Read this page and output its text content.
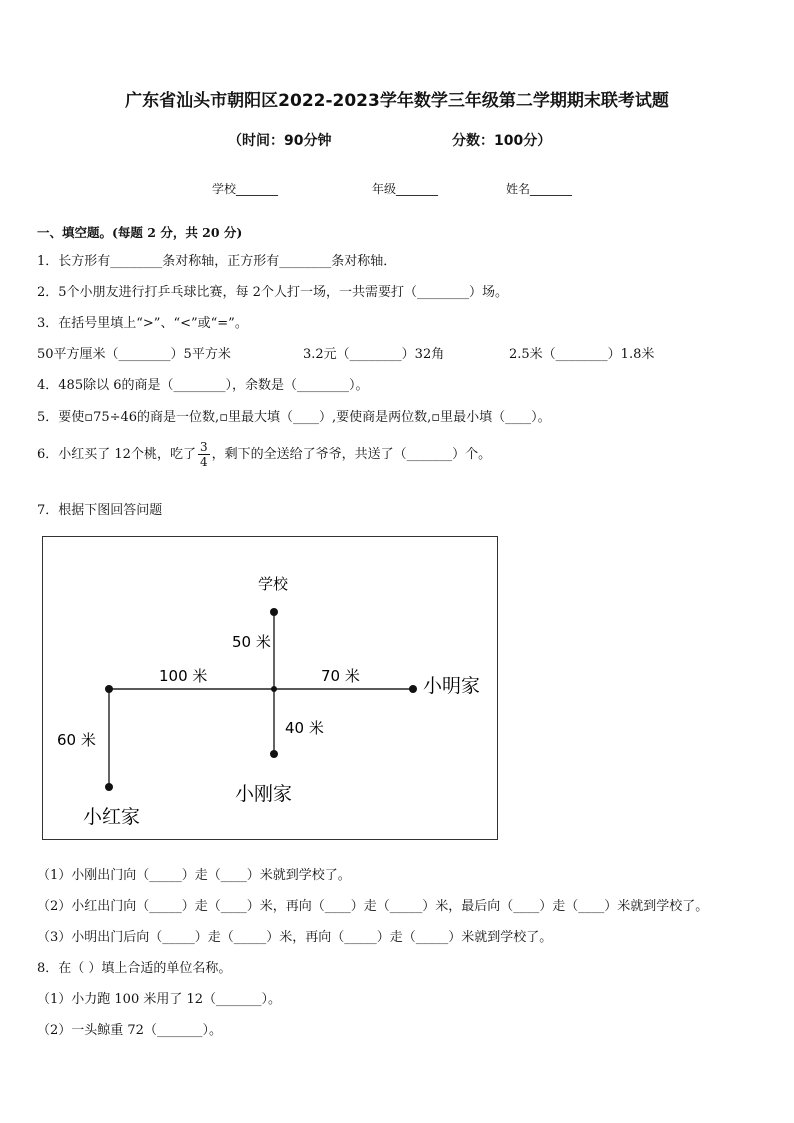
广东省汕头市朝阳区2022-2023学年数学三年级第二学期期末联考试题
（时间：90分钟	分数：100分）
学校_______	年级_______	姓名_______
一、填空题。(每题 2 分，共 20 分)
1．长方形有________条对称轴，正方形有________条对称轴．
2．5个小朋友进行打乒乓球比赛，每 2个人打一场，一共需要打（________）场。
3．在括号里填上“>”、“<”或“=”。
50平方厘米（________）5平方米	3.2元（________）32角	2.5米（________）1.8米
4．485除以 6的商是（________），余数是（________）。
5．要使▫75÷46的商是一位数,▫里最大填（____）,要使商是两位数,▫里最小填（____）。
6．小红买了 12个桃，吃了 $\frac{3}{4}$ ，剩下的全送给了爷爷，共送了（_______）个。
7．根据下图回答问题
学校
小明家
小刚家
小红家
50 米
100 米	70 米
40 米
60 米
（1）小刚出门向（_____）走（____）米就到学校了。
（2）小红出门向（_____）走（____）米，再向（____）走（_____）米，最后向（____）走（____）米就到学校了。
（3）小明出门后向（_____）走（_____）米，再向（_____）走（_____）米就到学校了。
8．在（ ）填上合适的单位名称。
（1）小力跑 100 米用了 12（_______）。
（2）一头鲸重 72（_______）。
